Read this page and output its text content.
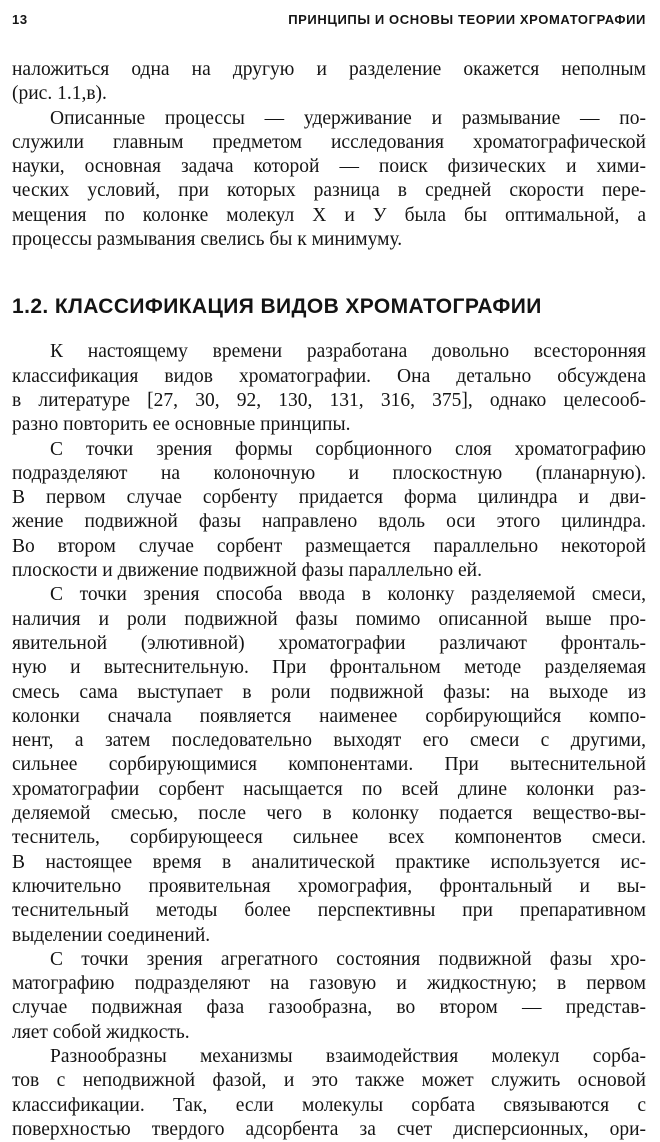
13	ПРИНЦИПЫ И ОСНОВЫ ТЕОРИИ ХРОМАТОГРАФИИ

наложиться одна на другую и разделение окажется неполным
(рис. 1.1,в).

Описанные процессы — удерживание и размывание — по-
служили главным предметом исследования хроматографической
науки, основная задача которой — поиск физических и хими-
ческих условий, при которых разница в средней скорости пере-
мещения по колонке молекул X и У была бы оптимальной, а
процессы размывания свелись бы к минимуму.

1.2. КЛАССИФИКАЦИЯ ВИДОВ ХРОМАТОГРАФИИ

К настоящему времени разработана довольно всесторонняя
классификация видов хроматографии. Она детально обсуждена
в литературе [27, 30, 92, 130, 131, 316, 375], однако целесооб-
разно повторить ее основные принципы.

С точки зрения формы сорбционного слоя хроматографию
подразделяют на колоночную и плоскостную (планарную).
В первом случае сорбенту придается форма цилиндра и дви-
жение подвижной фазы направлено вдоль оси этого цилиндра.
Во втором случае сорбент размещается параллельно некоторой
плоскости и движение подвижной фазы параллельно ей.

С точки зрения способа ввода в колонку разделяемой смеси,
наличия и роли подвижной фазы помимо описанной выше про-
явительной (элютивной) хроматографии различают фронталь-
ную и вытеснительную. При фронтальном методе разделяемая
смесь сама выступает в роли подвижной фазы: на выходе из
колонки сначала появляется наименее сорбирующийся компо-
нент, а затем последовательно выходят его смеси с другими,
сильнее сорбирующимися компонентами. При вытеснительной
хроматографии сорбент насыщается по всей длине колонки раз-
деляемой смесью, после чего в колонку подается вещество-вы-
теснитель, сорбирующееся сильнее всех компонентов смеси.
В настоящее время в аналитической практике используется ис-
ключительно проявительная хромография, фронтальный и вы-
теснительный методы более перспективны при препаративном
выделении соединений.

С точки зрения агрегатного состояния подвижной фазы хро-
матографию подразделяют на газовую и жидкостную; в первом
случае подвижная фаза газообразна, во втором — представ-
ляет собой жидкость.

Разнообразны механизмы взаимодействия молекул сорба-
тов с неподвижной фазой, и это также может служить основой
классификации. Так, если молекулы сорбата связываются с
поверхностью твердого адсорбента за счет дисперсионных, ори-
